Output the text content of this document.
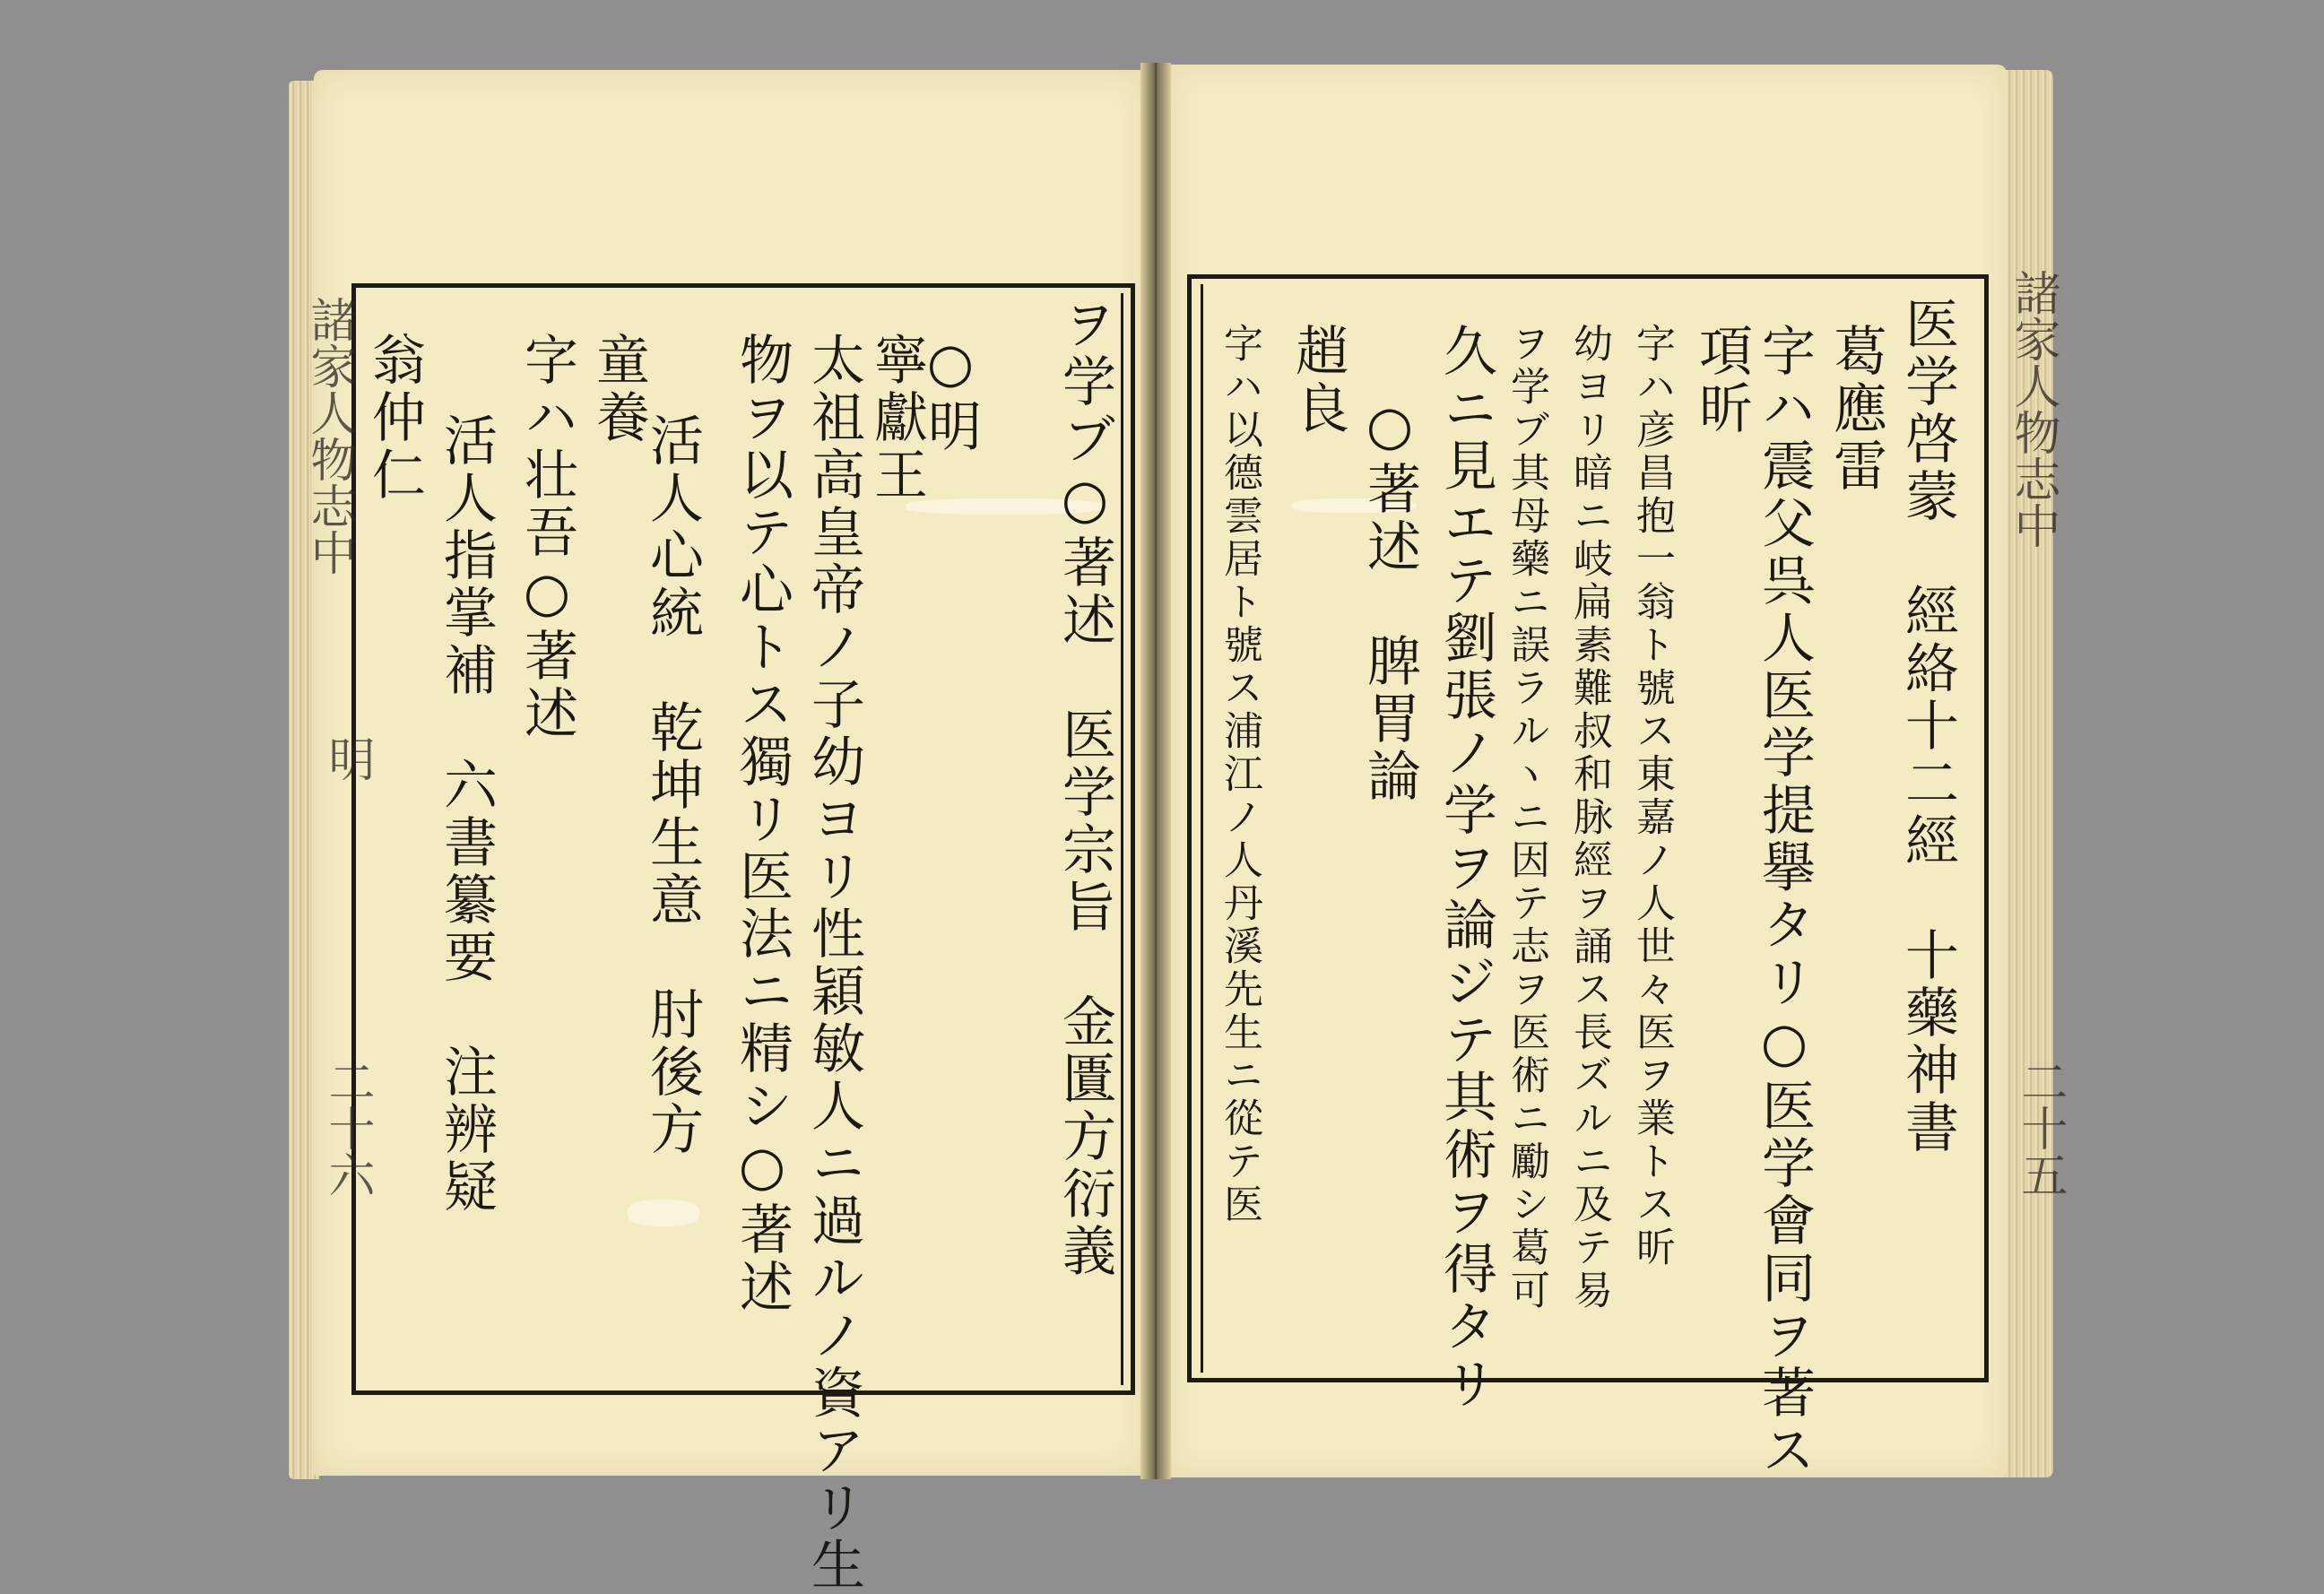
諸家人物志中
明
二十六
諸家人物志中
二十五
ヲ学ブ○著述　医学宗旨　金匱方衍義
○明
寧獻王
太祖高皇帝ノ子幼ヨリ性穎敏人ニ過ルノ資アリ生
物ヲ以テ心トス獨リ医法ニ精シ○著述
活人心統　乾坤生意　肘後方
童養
字ハ壮吾○著述
活人指掌補　六書纂要　注辨疑
翁仲仁	医学啓蒙　經絡十二經　十藥神書
葛應雷
字ハ震父呉人医学提擧タリ○医学會同ヲ著ス
項昕
字ハ彦昌抱一翁ト號ス東嘉ノ人世々医ヲ業トス昕
幼ヨリ暗ニ岐扁素難叔和脉經ヲ誦ス長ズルニ及テ易
ヲ学ブ其母藥ニ誤ラルヽニ因テ志ヲ医術ニ勵シ葛可
久ニ見エテ劉張ノ学ヲ論ジテ其術ヲ得タリ
○著述　脾胃論
趙良
字ハ以德雲居ト號ス浦江ノ人丹溪先生ニ從テ医
